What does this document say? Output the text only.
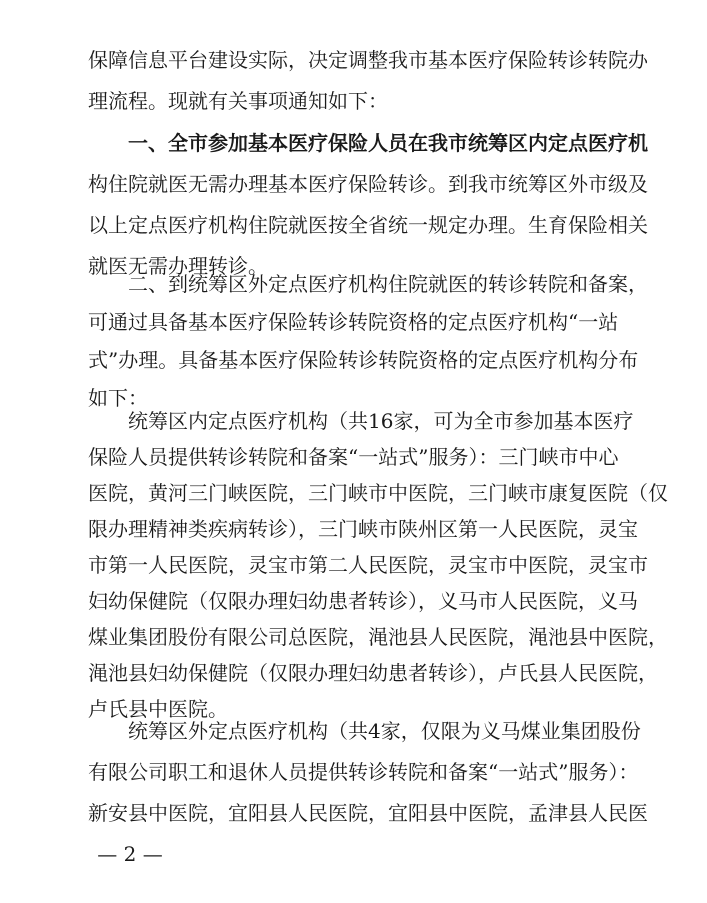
保障信息平台建设实际，决定调整我市基本医疗保险转诊转院办
理流程。现就有关事项通知如下：
一、全市参加基本医疗保险人员在我市统筹区内定点医疗机
构住院就医无需办理基本医疗保险转诊。到我市统筹区外市级及
以上定点医疗机构住院就医按全省统一规定办理。生育保险相关
就医无需办理转诊。
二、到统筹区外定点医疗机构住院就医的转诊转院和备案，
可通过具备基本医疗保险转诊转院资格的定点医疗机构“一站
式”办理。具备基本医疗保险转诊转院资格的定点医疗机构分布
如下：
统筹区内定点医疗机构（共16家，可为全市参加基本医疗
保险人员提供转诊转院和备案“一站式”服务）：三门峡市中心
医院，黄河三门峡医院，三门峡市中医院，三门峡市康复医院（仅
限办理精神类疾病转诊），三门峡市陕州区第一人民医院，灵宝
市第一人民医院，灵宝市第二人民医院，灵宝市中医院，灵宝市
妇幼保健院（仅限办理妇幼患者转诊），义马市人民医院，义马
煤业集团股份有限公司总医院，渑池县人民医院，渑池县中医院，
渑池县妇幼保健院（仅限办理妇幼患者转诊），卢氏县人民医院，
卢氏县中医院。
统筹区外定点医疗机构（共4家，仅限为义马煤业集团股份
有限公司职工和退休人员提供转诊转院和备案“一站式”服务）：
新安县中医院，宜阳县人民医院，宜阳县中医院，孟津县人民医
— 2 —
